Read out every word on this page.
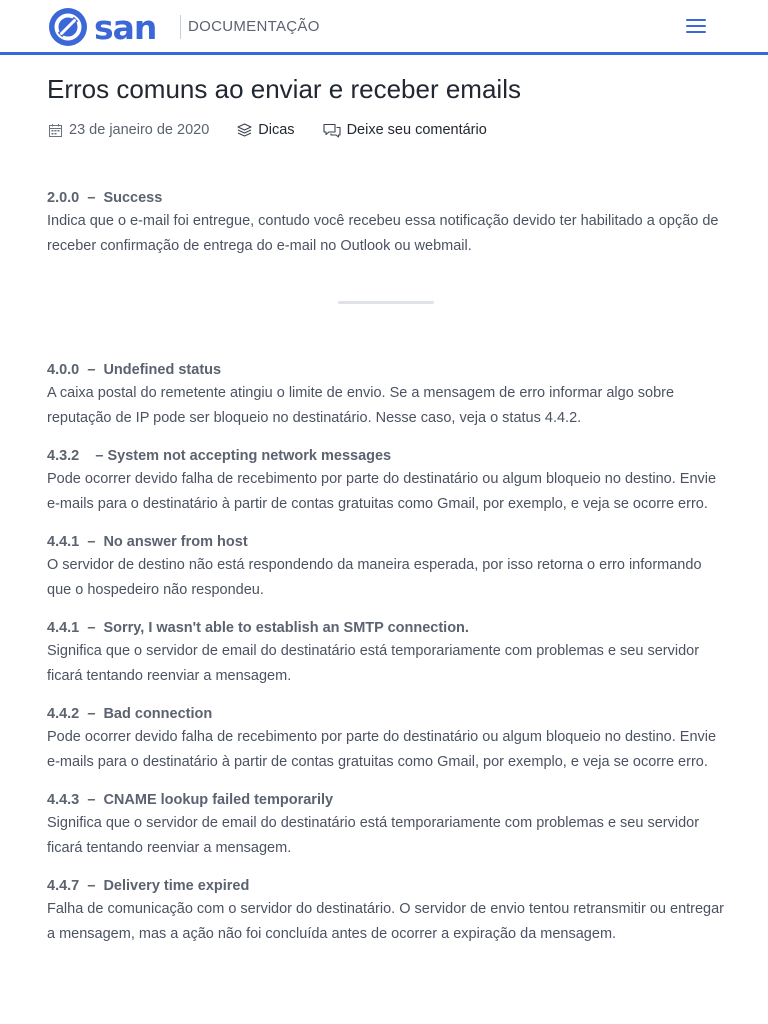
san DOCUMENTAÇÃO
Erros comuns ao enviar e receber emails
23 de janeiro de 2020	Dicas	Deixe seu comentário
2.0.0 – Success
Indica que o e-mail foi entregue, contudo você recebeu essa notificação devido ter habilitado a opção de receber confirmação de entrega do e-mail no Outlook ou webmail.
4.0.0 – Undefined status
A caixa postal do remetente atingiu o limite de envio. Se a mensagem de erro informar algo sobre reputação de IP pode ser bloqueio no destinatário. Nesse caso, veja o status 4.4.2.
4.3.2 – System not accepting network messages
Pode ocorrer devido falha de recebimento por parte do destinatário ou algum bloqueio no destino. Envie e-mails para o destinatário à partir de contas gratuitas como Gmail, por exemplo, e veja se ocorre erro.
4.4.1 – No answer from host
O servidor de destino não está respondendo da maneira esperada, por isso retorna o erro informando que o hospedeiro não respondeu.
4.4.1 – Sorry, I wasn't able to establish an SMTP connection.
Significa que o servidor de email do destinatário está temporariamente com problemas e seu servidor ficará tentando reenviar a mensagem.
4.4.2 – Bad connection
Pode ocorrer devido falha de recebimento por parte do destinatário ou algum bloqueio no destino. Envie e-mails para o destinatário à partir de contas gratuitas como Gmail, por exemplo, e veja se ocorre erro.
4.4.3 – CNAME lookup failed temporarily
Significa que o servidor de email do destinatário está temporariamente com problemas e seu servidor ficará tentando reenviar a mensagem.
4.4.7 – Delivery time expired
Falha de comunicação com o servidor do destinatário. O servidor de envio tentou retransmitir ou entregar a mensagem, mas a ação não foi concluída antes de ocorrer a expiração da mensagem.
